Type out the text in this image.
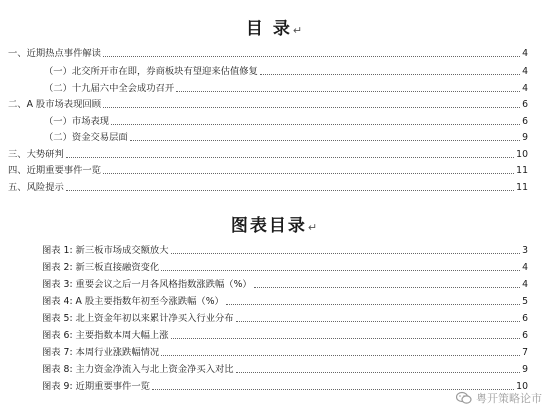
目 录↵
一、近期热点事件解读	4
（一）北交所开市在即，券商板块有望迎来估值修复	4
（二）十九届六中全会成功召开	4
二、A 股市场表现回顾	6
（一）市场表现	6
（二）资金交易层面	9
三、大势研判	10
四、近期重要事件一览	11
五、风险提示	11
图表目录↵
图表 1: 新三板市场成交额放大	3
图表 2: 新三板直接融资变化	4
图表 3: 重要会议之后一月各风格指数涨跌幅（%）	4
图表 4: A 股主要指数年初至今涨跌幅（%）	5
图表 5: 北上资金年初以来累计净买入行业分布	6
图表 6: 主要指数本周大幅上涨	6
图表 7: 本周行业涨跌幅情况	7
图表 8: 主力资金净流入与北上资金净买入对比	9
图表 9: 近期重要事件一览	10
粤开策略论市
